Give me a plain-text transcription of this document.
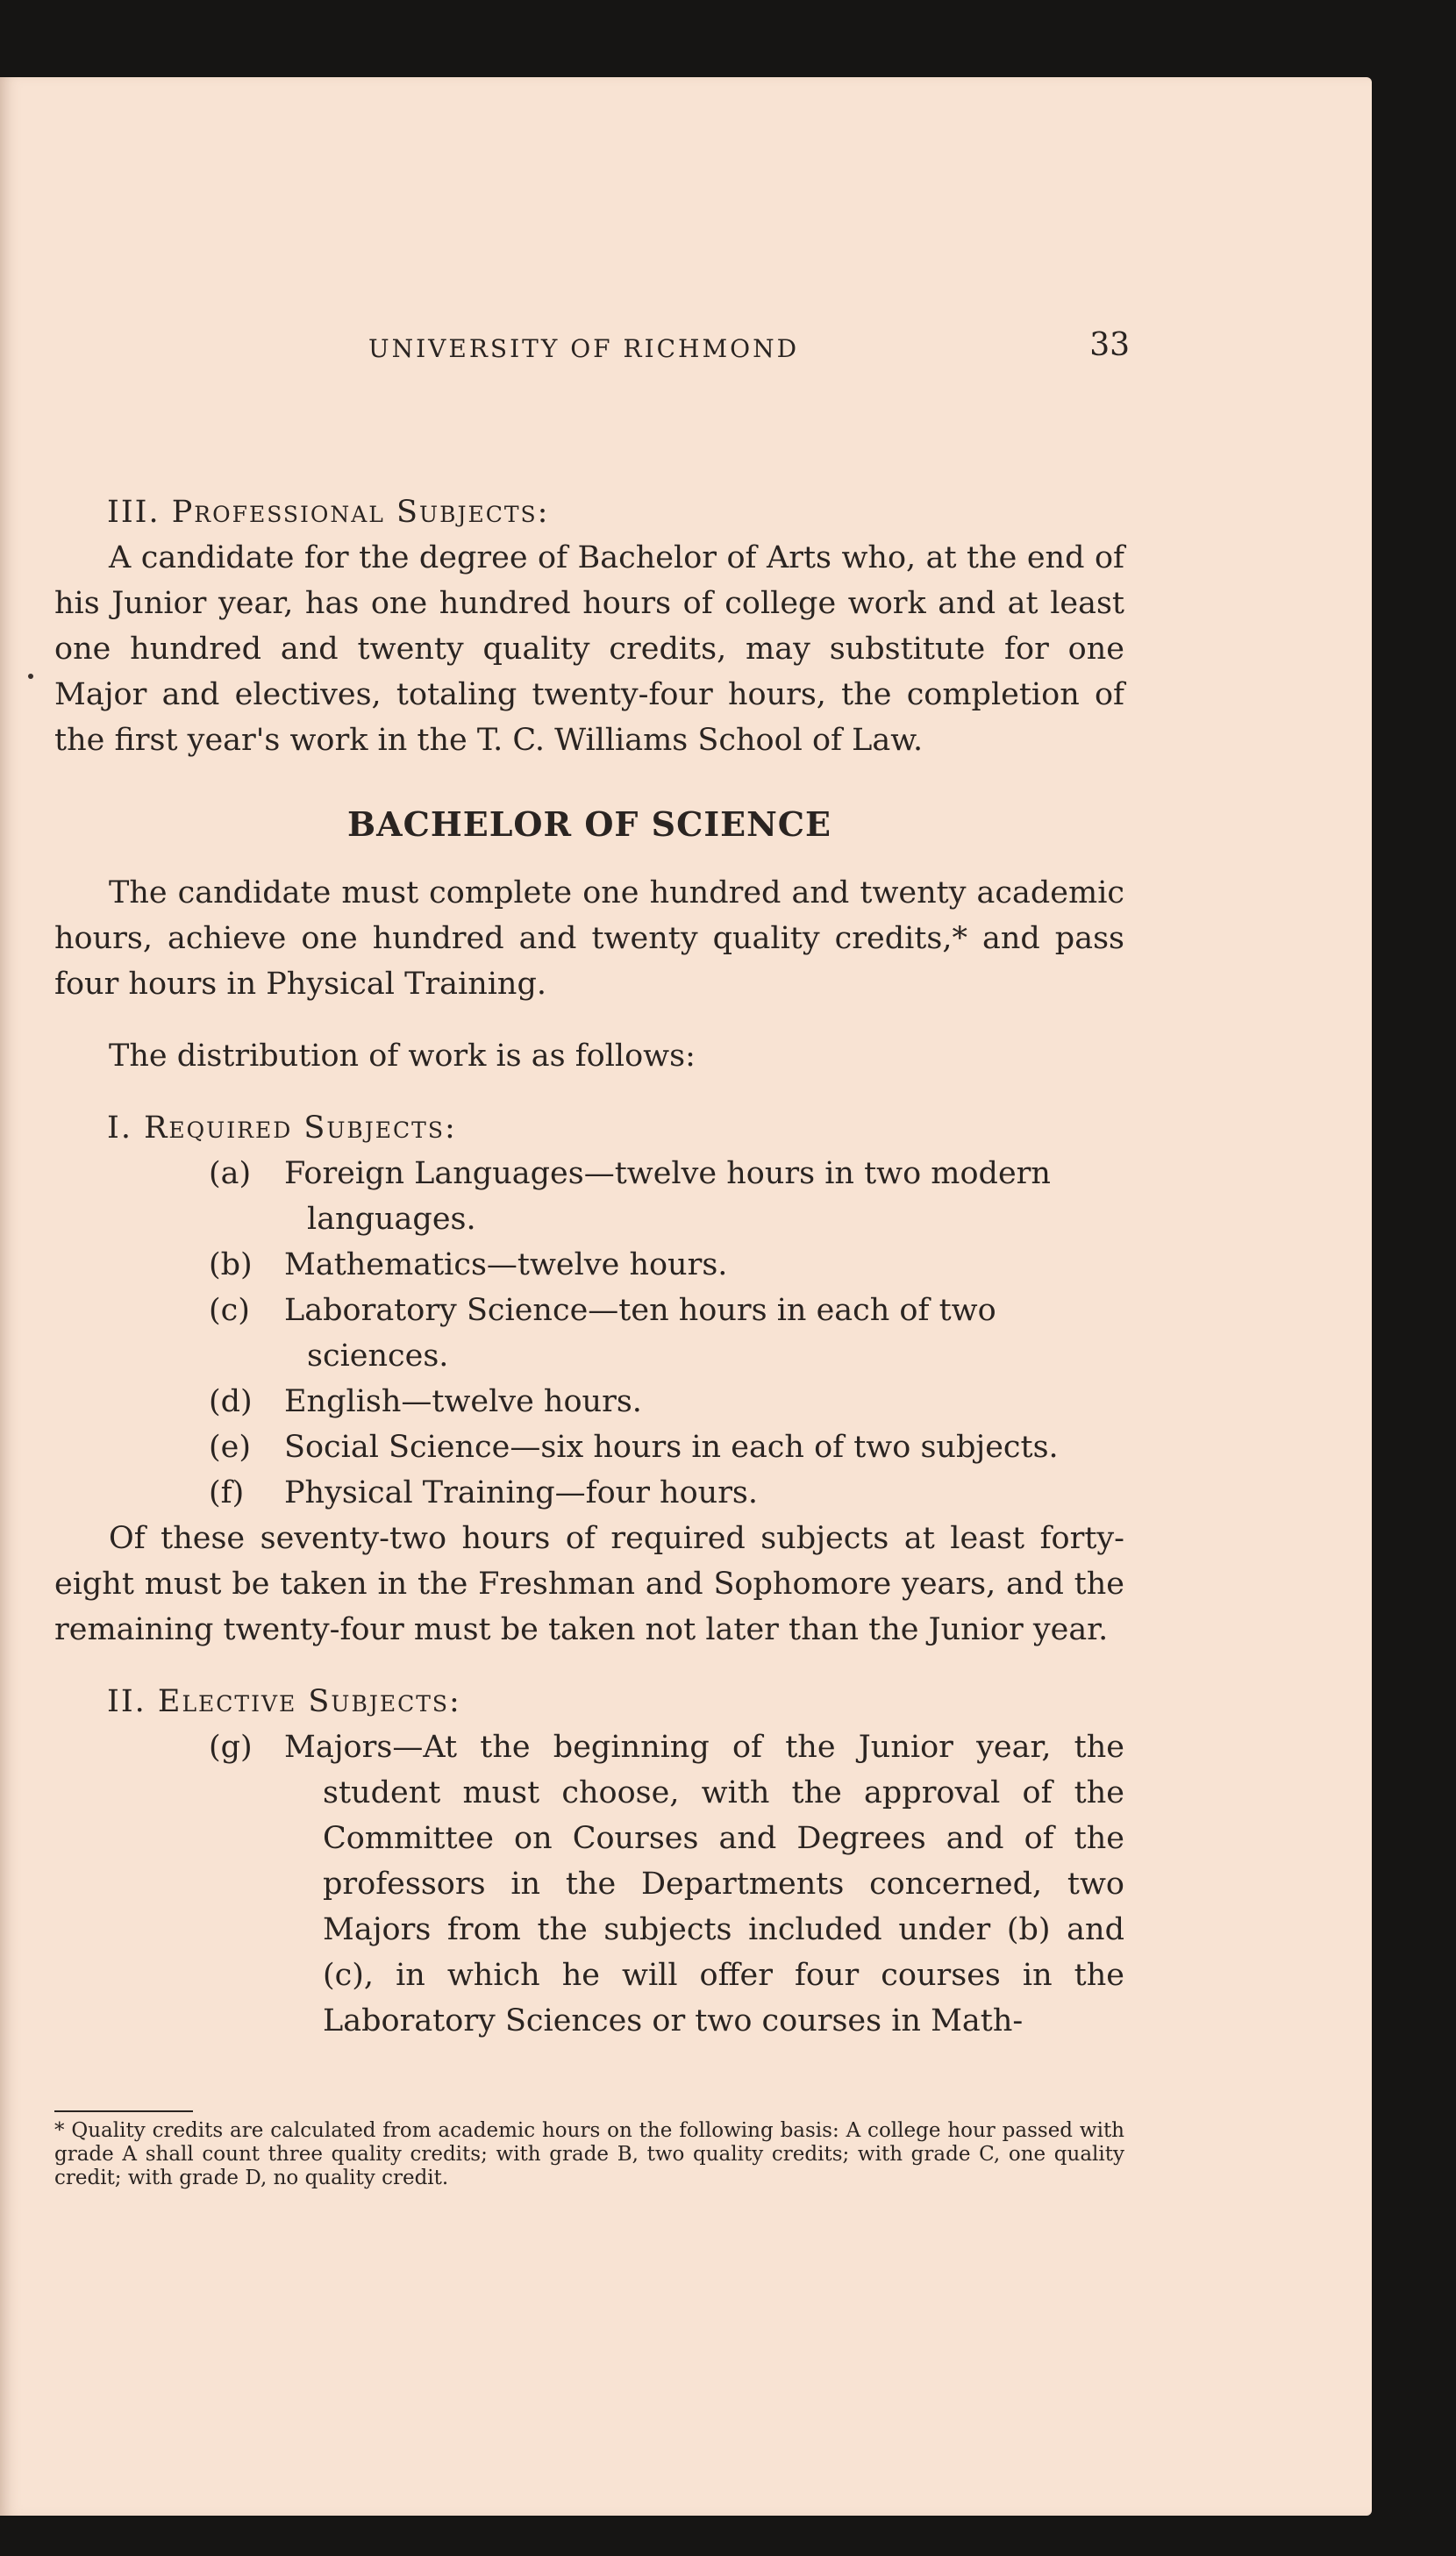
UNIVERSITY OF RICHMOND	33

III. Professional Subjects:

A candidate for the degree of Bachelor of Arts who, at the end of his Junior year, has one hundred hours of college work and at least one hundred and twenty quality credits, may substitute for one Major and electives, totaling twenty-four hours, the completion of the first year's work in the T. C. Williams School of Law.

BACHELOR OF SCIENCE

The candidate must complete one hundred and twenty academic hours, achieve one hundred and twenty quality credits,* and pass four hours in Physical Training.

The distribution of work is as follows:

I. Required Subjects:

(a)	Foreign Languages—twelve hours in two modern
languages.
(b)	Mathematics—twelve hours.
(c)	Laboratory Science—ten hours in each of two
sciences.
(d)	English—twelve hours.
(e)	Social Science—six hours in each of two subjects.
(f)	Physical Training—four hours.

Of these seventy-two hours of required subjects at least forty-eight must be taken in the Freshman and Sophomore years, and the remaining twenty-four must be taken not later than the Junior year.

II. Elective Subjects:

(g)	Majors—At the beginning of the Junior year, the student must choose, with the approval of the Committee on Courses and Degrees and of the professors in the Departments concerned, two Majors from the subjects included under (b) and (c), in which he will offer four courses in the Laboratory Sciences or two courses in Math-

* Quality credits are calculated from academic hours on the following basis: A college hour passed with grade A shall count three quality credits; with grade B, two quality credits; with grade C, one quality credit; with grade D, no quality credit.
